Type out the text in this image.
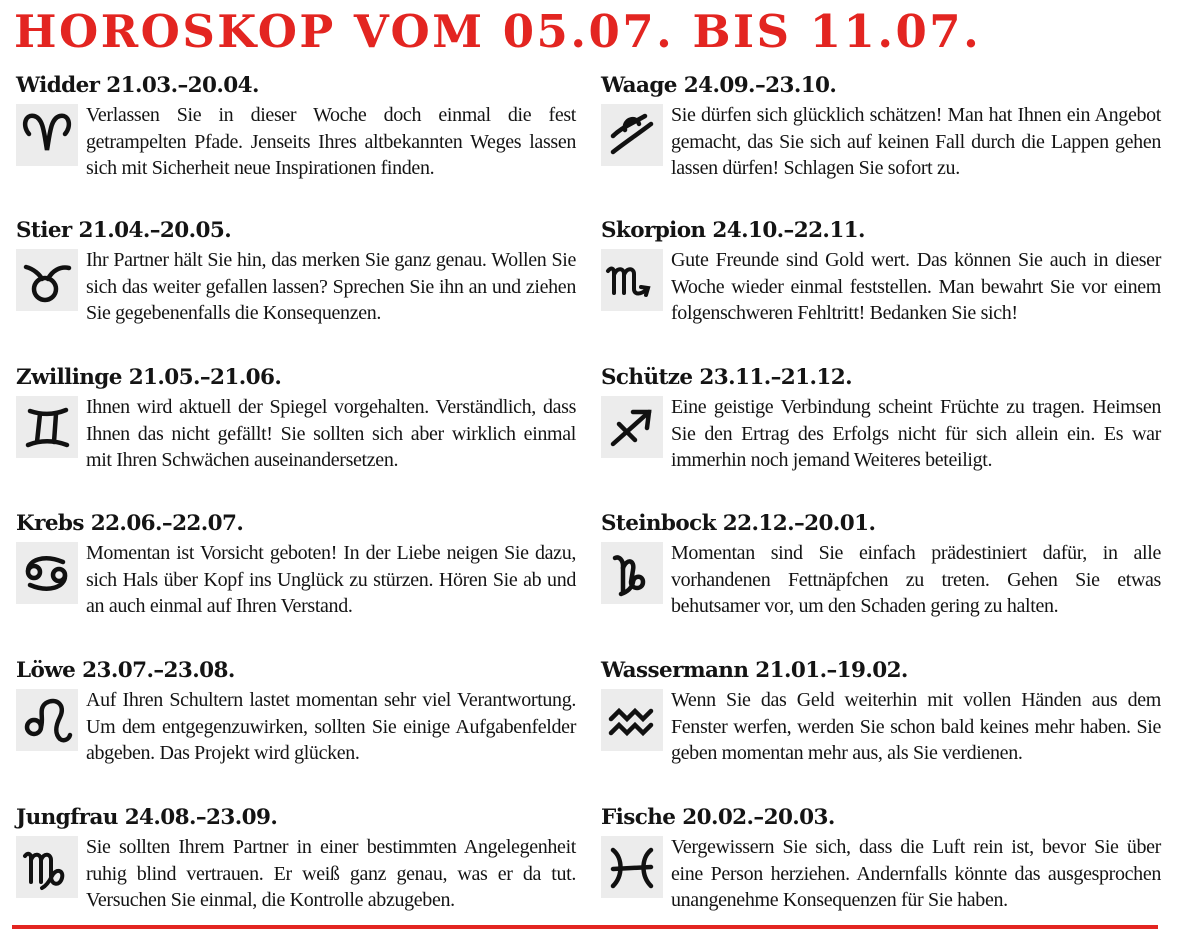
HOROSKOP VOM 05.07. BIS 11.07.
Widder 21.03.–20.04.

Verlassen Sie in dieser Woche doch einmal die fest getrampelten Pfade. Jenseits Ihres altbekannten Weges lassen sich mit Sicherheit neue Inspirationen finden.

Stier 21.04.–20.05.

Ihr Partner hält Sie hin, das merken Sie ganz genau. Wollen Sie sich das weiter gefallen lassen? Sprechen Sie ihn an und ziehen Sie gegebenenfalls die Konsequenzen.

Zwillinge 21.05.–21.06.

Ihnen wird aktuell der Spiegel vorgehalten. Verständlich, dass Ihnen das nicht gefällt! Sie sollten sich aber wirklich einmal mit Ihren Schwächen auseinandersetzen.

Krebs 22.06.–22.07.

Momentan ist Vorsicht geboten! In der Liebe neigen Sie dazu, sich Hals über Kopf ins Unglück zu stürzen. Hören Sie ab und an auch einmal auf Ihren Verstand.

Löwe 23.07.–23.08.

Auf Ihren Schultern lastet momentan sehr viel Verantwortung. Um dem entgegenzuwirken, sollten Sie einige Aufgabenfelder abgeben. Das Projekt wird glücken.

Jungfrau 24.08.–23.09.

Sie sollten Ihrem Partner in einer bestimmten Angelegenheit ruhig blind vertrauen. Er weiß ganz genau, was er da tut. Versuchen Sie einmal, die Kontrolle abzugeben.

Waage 24.09.–23.10.

Sie dürfen sich glücklich schätzen! Man hat Ihnen ein Angebot gemacht, das Sie sich auf keinen Fall durch die Lappen gehen lassen dürfen! Schlagen Sie sofort zu.

Skorpion 24.10.–22.11.

Gute Freunde sind Gold wert. Das können Sie auch in dieser Woche wieder einmal feststellen. Man bewahrt Sie vor einem folgenschweren Fehltritt! Bedanken Sie sich!

Schütze 23.11.–21.12.

Eine geistige Verbindung scheint Früchte zu tragen. Heimsen Sie den Ertrag des Erfolgs nicht für sich allein ein. Es war immerhin noch jemand Weiteres beteiligt.

Steinbock 22.12.–20.01.

Momentan sind Sie einfach prädestiniert dafür, in alle vorhandenen Fettnäpfchen zu treten. Gehen Sie etwas behutsamer vor, um den Schaden gering zu halten.

Wassermann 21.01.–19.02.

Wenn Sie das Geld weiterhin mit vollen Händen aus dem Fenster werfen, werden Sie schon bald keines mehr haben. Sie geben momentan mehr aus, als Sie verdienen.

Fische 20.02.–20.03.

Vergewissern Sie sich, dass die Luft rein ist, bevor Sie über eine Person herziehen. Andernfalls könnte das ausgesprochen unangenehme Konsequenzen für Sie haben.
